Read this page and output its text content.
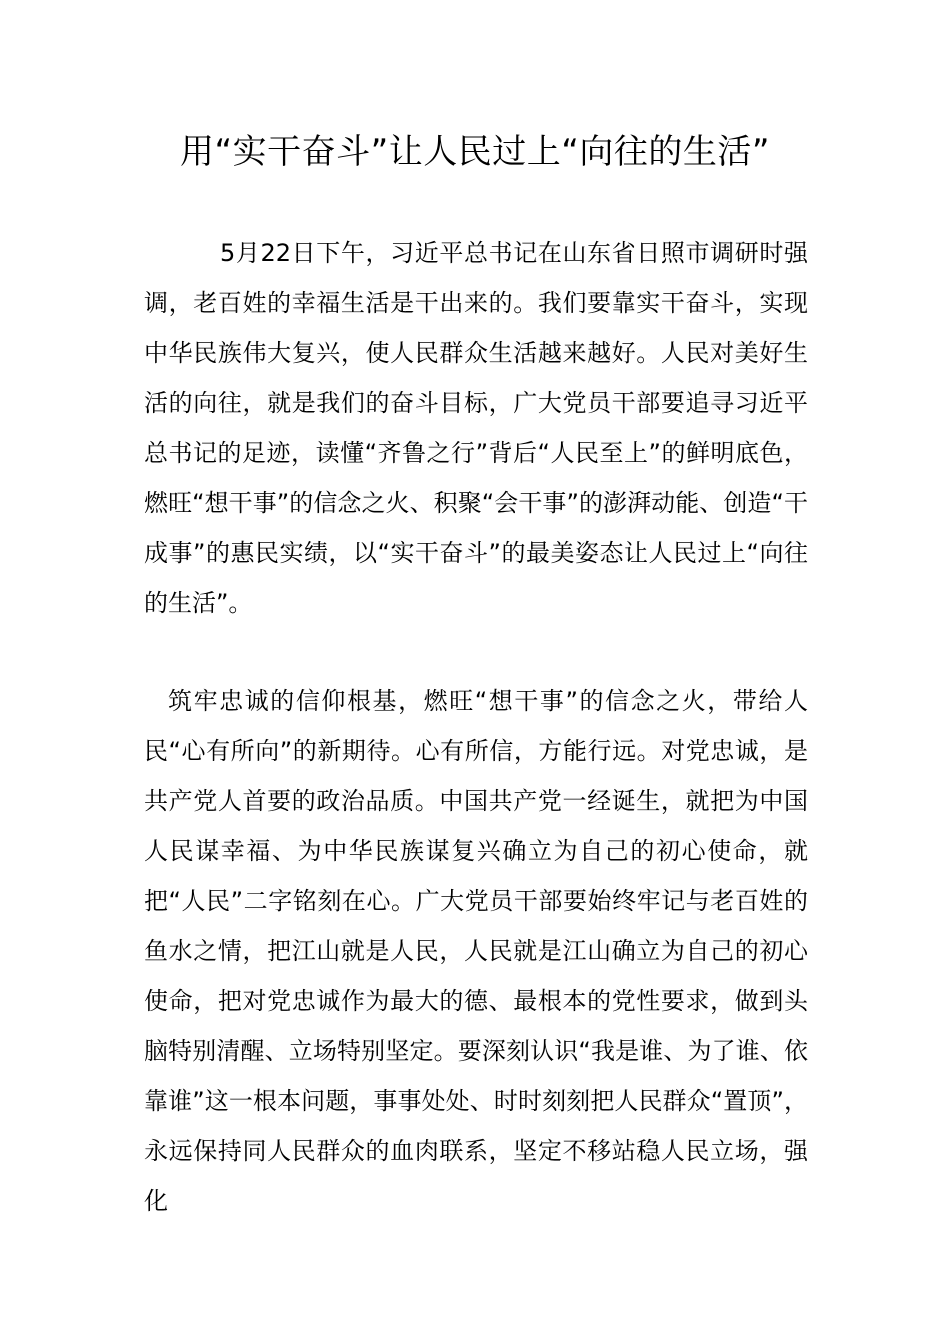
用“实干奋斗”让人民过上“向往的生活”

5月22日下午，习近平总书记在山东省日照市调研时强调，老百姓的幸福生活是干出来的。我们要靠实干奋斗，实现中华民族伟大复兴，使人民群众生活越来越好。人民对美好生活的向往，就是我们的奋斗目标，广大党员干部要追寻习近平总书记的足迹，读懂“齐鲁之行”背后“人民至上”的鲜明底色，燃旺“想干事”的信念之火、积聚“会干事”的澎湃动能、创造“干成事”的惠民实绩，以“实干奋斗”的最美姿态让人民过上“向往的生活”。

筑牢忠诚的信仰根基，燃旺“想干事”的信念之火，带给人民“心有所向”的新期待。心有所信，方能行远。对党忠诚，是共产党人首要的政治品质。中国共产党一经诞生，就把为中国人民谋幸福、为中华民族谋复兴确立为自己的初心使命，就把“人民”二字铭刻在心。广大党员干部要始终牢记与老百姓的鱼水之情，把江山就是人民，人民就是江山确立为自己的初心使命，把对党忠诚作为最大的德、最根本的党性要求，做到头脑特别清醒、立场特别坚定。要深刻认识“我是谁、为了谁、依靠谁”这一根本问题，事事处处、时时刻刻把人民群众“置顶”，永远保持同人民群众的血肉联系，坚定不移站稳人民立场，强化
